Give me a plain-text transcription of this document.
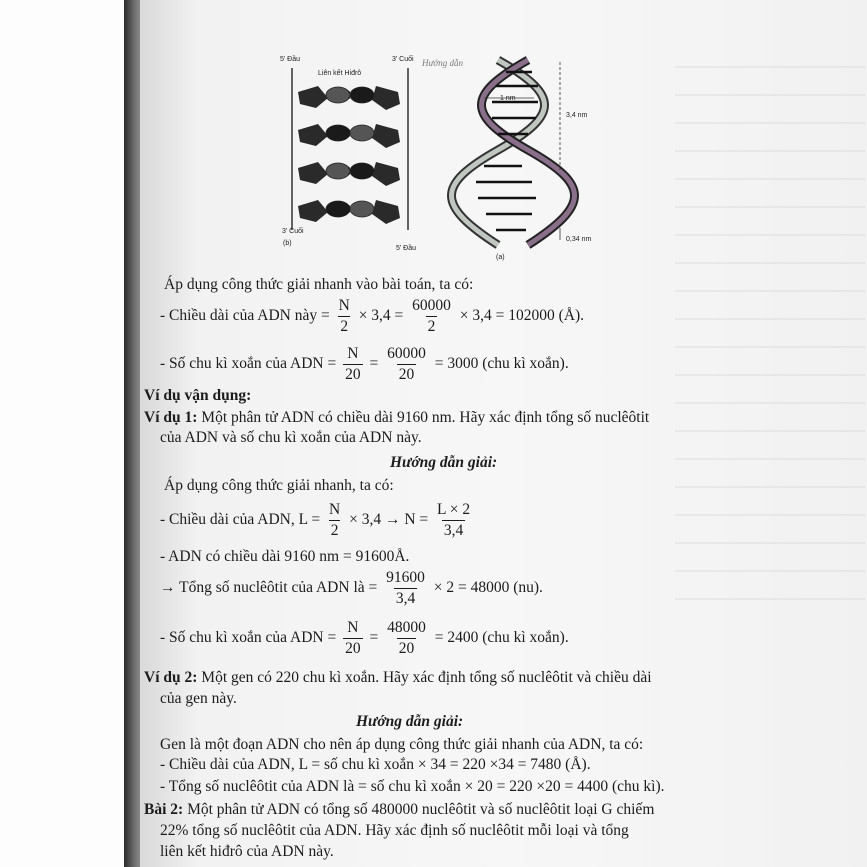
5' Đầu	3' Cuối
Liên kết Hiđrô
3' Cuối
5' Đầu
(b)
(a)
1 nm
3,4 nm
0,34 nm
Hướng dẫn
Áp dụng công thức giải nhanh vào bài toán, ta có:
- Chiều dài của ADN này = $\frac{N}{2} \times 3,4 = \frac{60000}{2} \times 3,4 = 102000$ (Å).
- Số chu kì xoắn của ADN = $\frac{N}{20} = \frac{60000}{20} = 3000$ (chu kì xoắn).
Ví dụ vận dụng:
Ví dụ 1: Một phân tử ADN có chiều dài 9160 nm. Hãy xác định tổng số nuclêôtit
của ADN và số chu kì xoắn của ADN này.
Hướng dẫn giải:
Áp dụng công thức giải nhanh, ta có:
- Chiều dài của ADN, $L = \frac{N}{2} \times 3,4 \to N = \frac{L \times 2}{3,4}$
- ADN có chiều dài 9160 nm = 91600Å.
→ Tổng số nuclêôtit của ADN là = $\frac{91600}{3,4} \times 2 = 48000$ (nu).
- Số chu kì xoắn của ADN = $\frac{N}{20} = \frac{48000}{20} = 2400$ (chu kì xoắn).
Ví dụ 2: Một gen có 220 chu kì xoắn. Hãy xác định tổng số nuclêôtit và chiều dài
của gen này.
Hướng dẫn giải:
Gen là một đoạn ADN cho nên áp dụng công thức giải nhanh của ADN, ta có:
- Chiều dài của ADN, L = số chu kì xoắn × 34 = 220 ×34 = 7480 (Å).
- Tổng số nuclêôtit của ADN là = số chu kì xoắn × 20 = 220 ×20 = 4400 (chu kì).
Bài 2: Một phân tử ADN có tổng số 480000 nuclêôtit và số nuclêôtit loại G chiếm
22% tổng số nuclêôtit của ADN. Hãy xác định số nuclêôtit mỗi loại và tổng
liên kết hiđrô của ADN này.
